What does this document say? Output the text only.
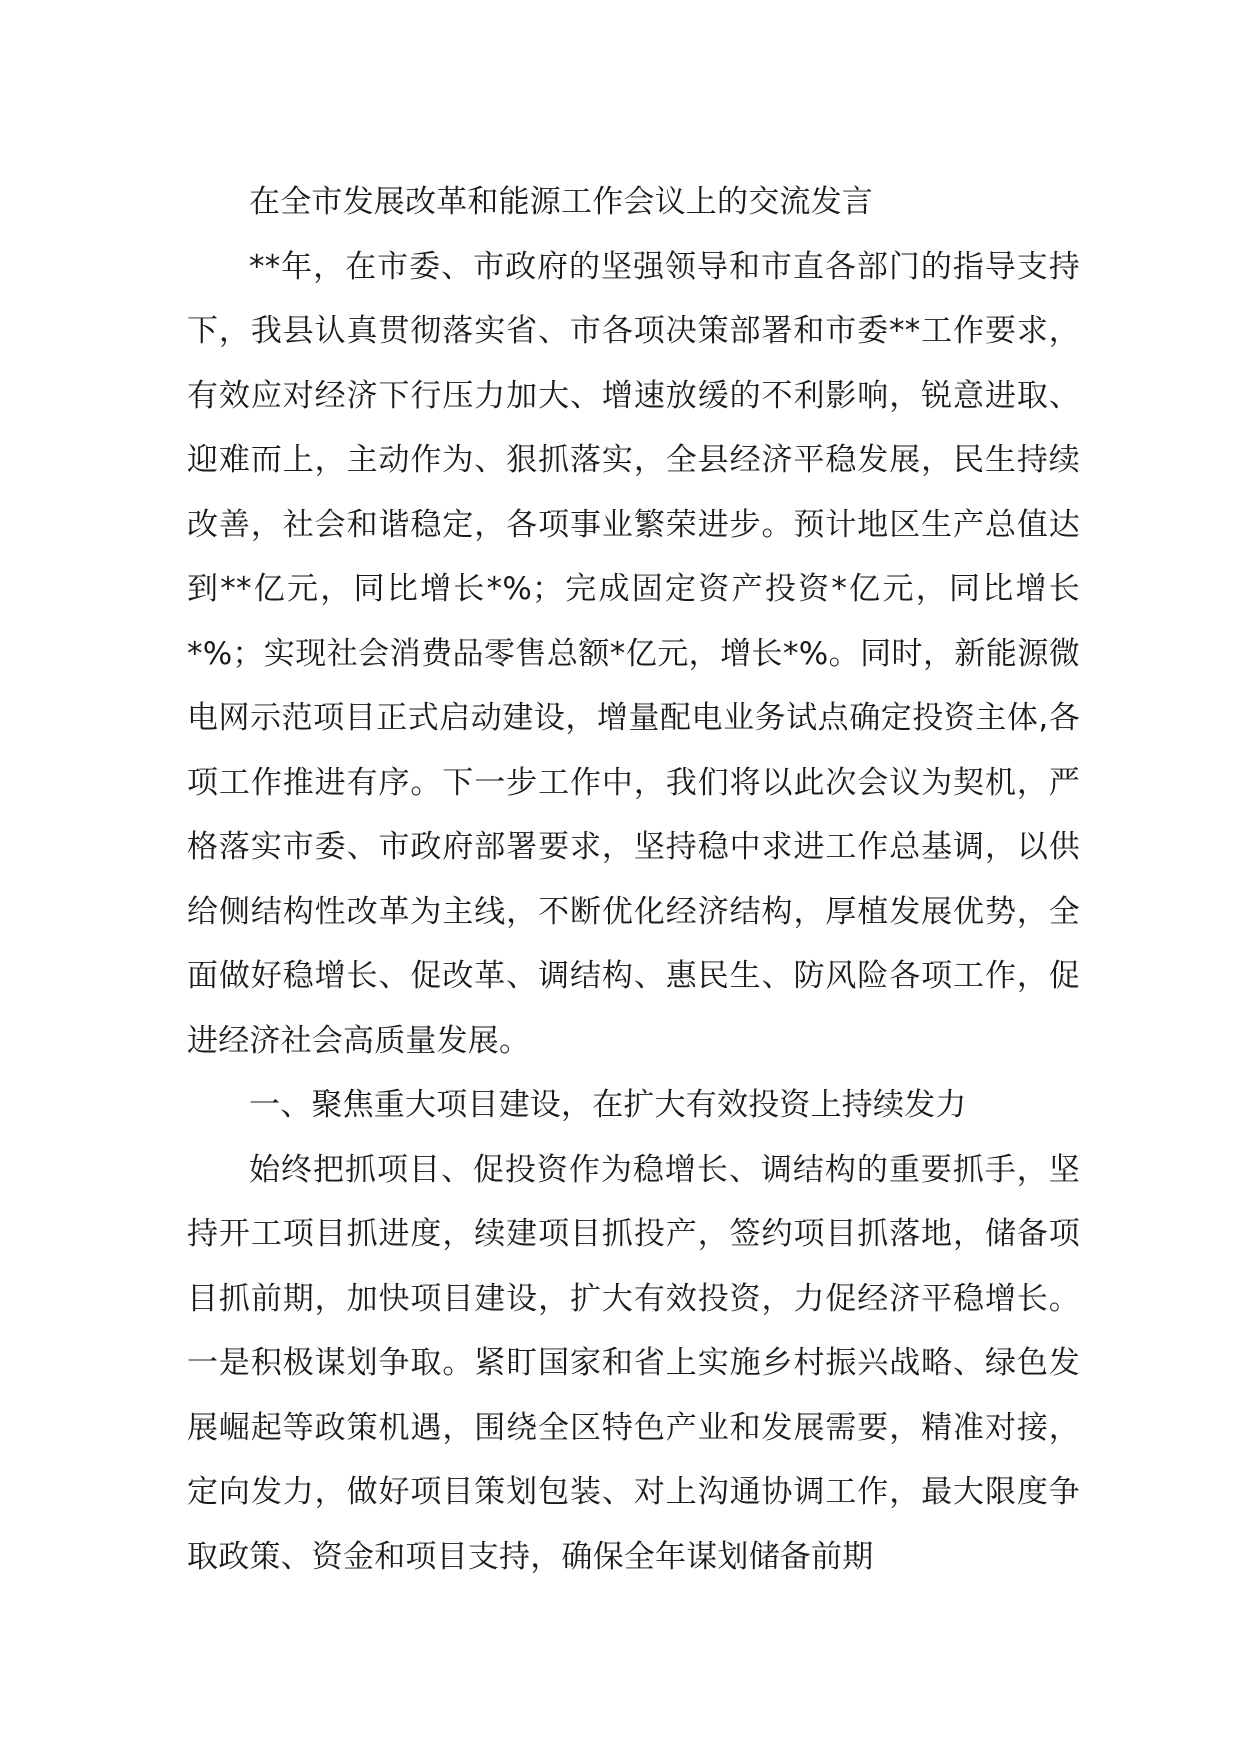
在全市发展改革和能源工作会议上的交流发言

**年，在市委、市政府的坚强领导和市直各部门的指导支持下，我县认真贯彻落实省、市各项决策部署和市委**工作要求，有效应对经济下行压力加大、增速放缓的不利影响，锐意进取、迎难而上，主动作为、狠抓落实，全县经济平稳发展，民生持续改善，社会和谐稳定，各项事业繁荣进步。预计地区生产总值达到**亿元，同比增长*%；完成固定资产投资*亿元，同比增长*%；实现社会消费品零售总额*亿元，增长*%。同时，新能源微电网示范项目正式启动建设，增量配电业务试点确定投资主体,各项工作推进有序。下一步工作中，我们将以此次会议为契机，严格落实市委、市政府部署要求，坚持稳中求进工作总基调，以供给侧结构性改革为主线，不断优化经济结构，厚植发展优势，全面做好稳增长、促改革、调结构、惠民生、防风险各项工作，促进经济社会高质量发展。

一、聚焦重大项目建设，在扩大有效投资上持续发力

始终把抓项目、促投资作为稳增长、调结构的重要抓手，坚持开工项目抓进度，续建项目抓投产，签约项目抓落地，储备项目抓前期，加快项目建设，扩大有效投资，力促经济平稳增长。一是积极谋划争取。紧盯国家和省上实施乡村振兴战略、绿色发展崛起等政策机遇，围绕全区特色产业和发展需要，精准对接，定向发力，做好项目策划包装、对上沟通协调工作，最大限度争取政策、资金和项目支持，确保全年谋划储备前期
